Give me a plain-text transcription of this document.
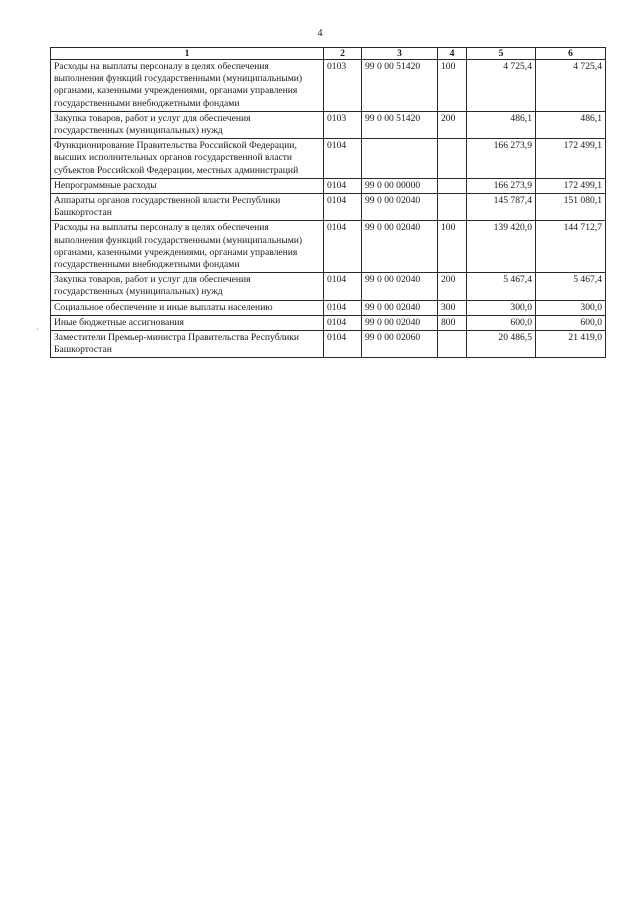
4
1	2	3	4	5	6
Расходы на выплаты персоналу в целях обеспечения выполнения функций государственными (муниципальными) органами, казенными учреждениями, органами управления государственными внебюджетными фондами	0103	99 0 00 51420	100	4 725,4	4 725,4
Закупка товаров, работ и услуг для обеспечения государственных (муниципальных) нужд	0103	99 0 00 51420	200	486,1	486,1
Функционирование Правительства Российской Федерации, высших исполнительных органов государственной власти субъектов Российской Федерации, местных администраций	0104			166 273,9	172 499,1
Непрограммные расходы	0104	99 0 00 00000		166 273,9	172 499,1
Аппараты органов государственной власти Республики Башкортостан	0104	99 0 00 02040		145 787,4	151 080,1
Расходы на выплаты персоналу в целях обеспечения выполнения функций государственными (муниципальными) органами, казенными учреждениями, органами управления государственными внебюджетными фондами	0104	99 0 00 02040	100	139 420,0	144 712,7
Закупка товаров, работ и услуг для обеспечения государственных (муниципальных) нужд	0104	99 0 00 02040	200	5 467,4	5 467,4
Социальное обеспечение и иные выплаты населению	0104	99 0 00 02040	300	300,0	300,0
Иные бюджетные ассигнования	0104	99 0 00 02040	800	600,0	600,0
Заместители Премьер-министра Правительства Республики Башкортостан	0104	99 0 00 02060		20 486,5	21 419,0
·
